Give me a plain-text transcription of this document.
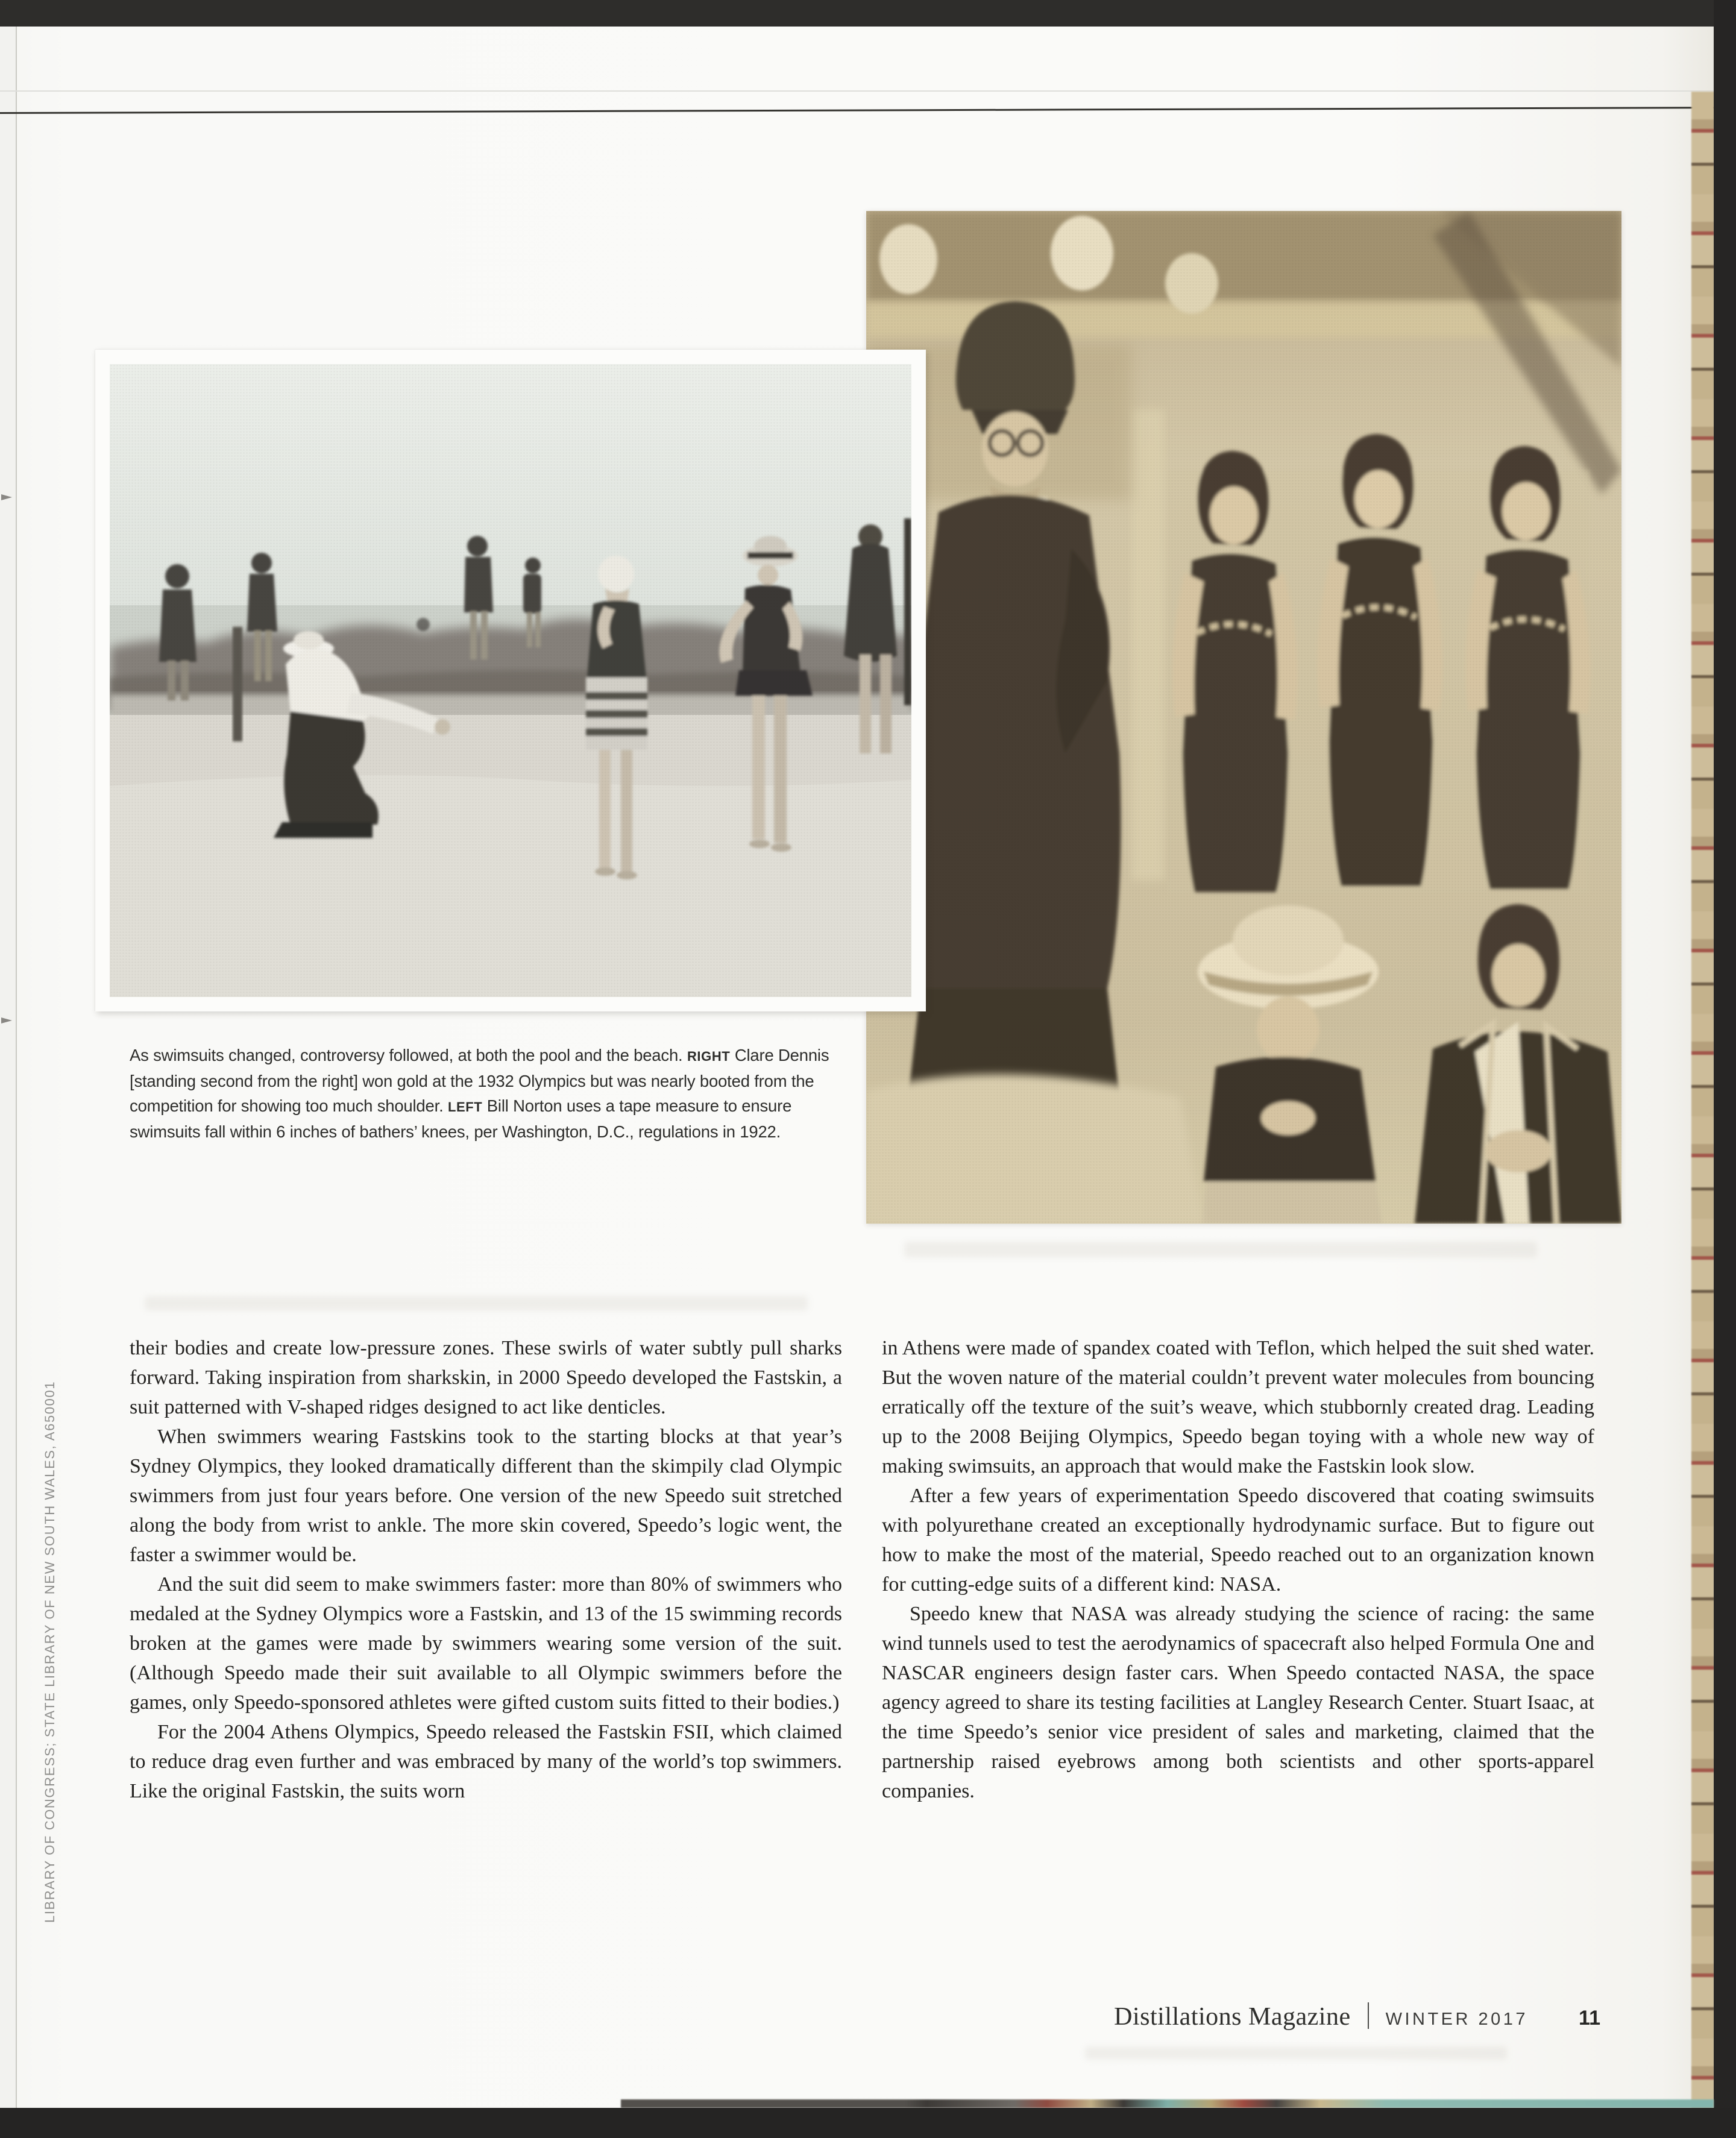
As swimsuits changed, controversy followed, at both the pool and the beach. RIGHT Clare Dennis [standing second from the right] won gold at the 1932 Olympics but was nearly booted from the competition for showing too much shoulder. LEFT Bill Norton uses a tape measure to ensure swimsuits fall within 6 inches of bathers’ knees, per Washington, D.C., regulations in 1922.

their bodies and create low-pressure zones. These swirls of water subtly pull sharks forward. Taking inspiration from sharkskin, in 2000 Speedo developed the Fastskin, a suit patterned with V-shaped ridges designed to act like denticles.

When swimmers wearing Fastskins took to the starting blocks at that year’s Sydney Olympics, they looked dramatically different than the skimpily clad Olympic swimmers from just four years before. One version of the new Speedo suit stretched along the body from wrist to ankle. The more skin covered, Speedo’s logic went, the faster a swimmer would be.

And the suit did seem to make swimmers faster: more than 80% of swimmers who medaled at the Sydney Olympics wore a Fastskin, and 13 of the 15 swimming records broken at the games were made by swimmers wearing some version of the suit. (Although Speedo made their suit available to all Olympic swimmers before the games, only Speedo-sponsored athletes were gifted custom suits fitted to their bodies.)

For the 2004 Athens Olympics, Speedo released the Fastskin FSII, which claimed to reduce drag even further and was embraced by many of the world’s top swimmers. Like the original Fastskin, the suits worn

in Athens were made of spandex coated with Teflon, which helped the suit shed water. But the woven nature of the material couldn’t prevent water molecules from bouncing erratically off the texture of the suit’s weave, which stubbornly created drag. Leading up to the 2008 Beijing Olympics, Speedo began toying with a whole new way of making swimsuits, an approach that would make the Fastskin look slow.

After a few years of experimentation Speedo discovered that coating swimsuits with polyurethane created an exceptionally hydrodynamic surface. But to figure out how to make the most of the material, Speedo reached out to an organization known for cutting-edge suits of a different kind: NASA.

Speedo knew that NASA was already studying the science of racing: the same wind tunnels used to test the aerodynamics of spacecraft also helped Formula One and NASCAR engineers design faster cars. When Speedo contacted NASA, the space agency agreed to share its testing facilities at Langley Research Center. Stuart Isaac, at the time Speedo’s senior vice president of sales and marketing, claimed that the partnership raised eyebrows among both scientists and other sports-apparel companies.

LIBRARY OF CONGRESS; STATE LIBRARY OF NEW SOUTH WALES, A650001
Distillations Magazine WINTER 2017 11
